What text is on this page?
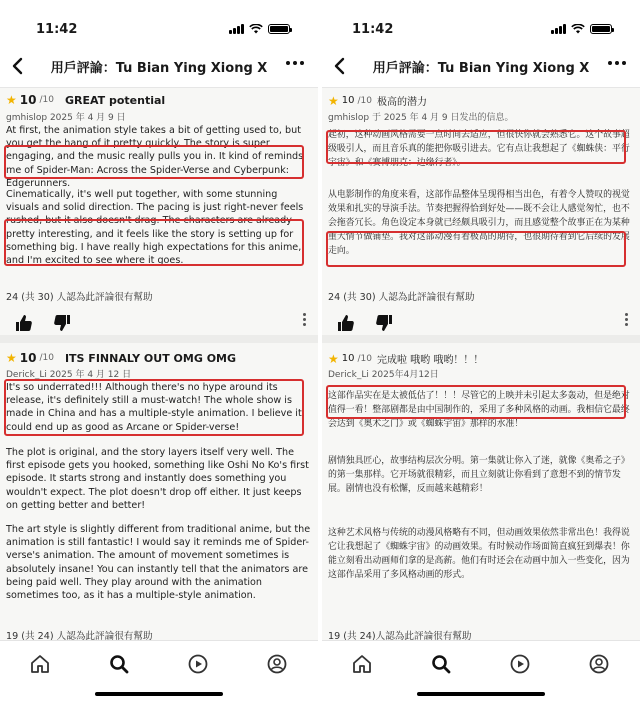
11:42
用戶評論：Tu Bian Ying Xiong X
★ 10 /10 GREAT potential
gmhislop 2025 年 4 月 9 日

At first, the animation style takes a bit of getting used to, but you get the hang of it pretty quickly. The story is super engaging, and the music really pulls you in. It kind of reminds me of Spider-Man: Across the Spider-Verse and Cyberpunk: Edgerunners.

Cinematically, it's well put together, with some stunning visuals and solid direction. The pacing is just right-never feels rushed, but it also doesn't drag. The characters are already pretty interesting, and it feels like the story is setting up for something big. I have really high expectations for this anime, and I'm excited to see where it goes.

24 (共 30) 人認為此評論很有幫助
★ 10 /10 ITS FINNALY OUT OMG OMG
Derick_Li 2025 年 4 月 12 日

It's so underrated!!! Although there's no hype around its release, it's definitely still a must-watch! The whole show is made in China and has a multiple-style animation. I believe it could end up as good as Arcane or Spider-verse!

The plot is original, and the story layers itself very well. The first episode gets you hooked, something like Oshi No Ko's first episode. It starts strong and instantly does something you wouldn't expect. The plot doesn't drop off either. It just keeps on getting better and better!

The art style is slightly different from traditional anime, but the animation is still fantastic! I would say it reminds me of Spider-verse's animation. The amount of movement sometimes is absolutely insane! You can instantly tell that the animators are being paid well. They play around with the animation sometimes too, as it has a multiple-style animation.

19 (共 24) 人認為此評論很有幫助
11:42
用戶評論：Tu Bian Ying Xiong X
★ 10 /10 极高的潜力
gmhislop 于 2025 年 4 月 9 日发出的信息。

起初，这种动画风格需要一点时间去适应，但很快你就会熟悉它。这个故事超级吸引人，而且音乐真的能把你吸引进去。它有点让我想起了《蜘蛛侠：平行宇宙》和《赛博朋克：边缘行者》。

从电影制作的角度来看，这部作品整体呈现得相当出色，有着令人赞叹的视觉效果和扎实的导演手法。节奏把握得恰到好处——既不会让人感觉匆忙，也不会拖沓冗长。角色设定本身就已经颇具吸引力，而且感觉整个故事正在为某种重大情节做铺垫。我对这部动漫有着极高的期待，也很期待看到它后续的发展走向。

24 (共 30) 人認為此評論很有幫助
★ 10 /10 完成啦 哦哟 哦哟！！！
Derick_Li 2025年4月12日

这部作品实在是太被低估了！！！尽管它的上映并未引起太多轰动，但是绝对值得一看！整部剧都是由中国制作的，采用了多种风格的动画。我相信它最终会达到《奥术之门》或《蜘蛛宇宙》那样的水准！

剧情独具匠心，故事结构层次分明。第一集就让你入了迷，就像《奥希之子》的第一集那样。它开场就很精彩，而且立刻就让你看到了意想不到的情节发展。剧情也没有松懈，反而越来越精彩！

这种艺术风格与传统的动漫风格略有不同，但动画效果依然非常出色！我得说它让我想起了《蜘蛛宇宙》的动画效果。有时候动作场面简直疯狂到爆表！你能立刻看出动画师们拿的是高薪。他们有时还会在动画中加入一些变化，因为这部作品采用了多风格动画的形式。

19 (共 24)人認為此評論很有幫助
